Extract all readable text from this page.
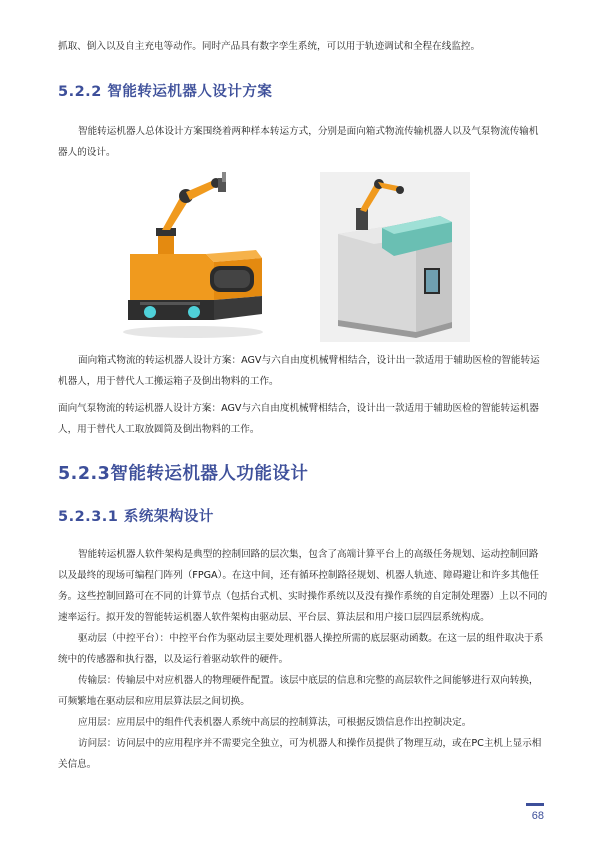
抓取、倒入以及自主充电等动作。同时产品具有数字孪生系统，可以用于轨迹调试和全程在线监控。
5.2.2 智能转运机器人设计方案
智能转运机器人总体设计方案围绕着两种样本转运方式，分别是面向箱式物流传输机器人以及气泵物流传输机器人的设计。
面向箱式物流的转运机器人设计方案：AGV与六自由度机械臂相结合，设计出一款适用于辅助医检的智能转运机器人，用于替代人工搬运箱子及倒出物料的工作。
面向气泵物流的转运机器人设计方案：AGV与六自由度机械臂相结合，设计出一款适用于辅助医检的智能转运机器人，用于替代人工取放圆筒及倒出物料的工作。
5.2.3智能转运机器人功能设计
5.2.3.1 系统架构设计
智能转运机器人软件架构是典型的控制回路的层次集，包含了高端计算平台上的高级任务规划、运动控制回路以及最终的现场可编程门阵列（FPGA）。在这中间，还有循环控制路径规划、机器人轨迹、障碍避让和许多其他任务。这些控制回路可在不同的计算节点（包括台式机、实时操作系统以及没有操作系统的自定制处理器）上以不同的速率运行。拟开发的智能转运机器人软件架构由驱动层、平台层、算法层和用户接口层四层系统构成。
驱动层（中控平台）：中控平台作为驱动层主要处理机器人操控所需的底层驱动函数。在这一层的组件取决于系统中的传感器和执行器，以及运行着驱动软件的硬件。
传输层：传输层中对应机器人的物理硬件配置。该层中底层的信息和完整的高层软件之间能够进行双向转换，可频繁地在驱动层和应用层算法层之间切换。
应用层：应用层中的组件代表机器人系统中高层的控制算法，可根据反馈信息作出控制决定。
访问层：访问层中的应用程序并不需要完全独立，可为机器人和操作员提供了物理互动，或在PC主机上显示相关信息。
68
